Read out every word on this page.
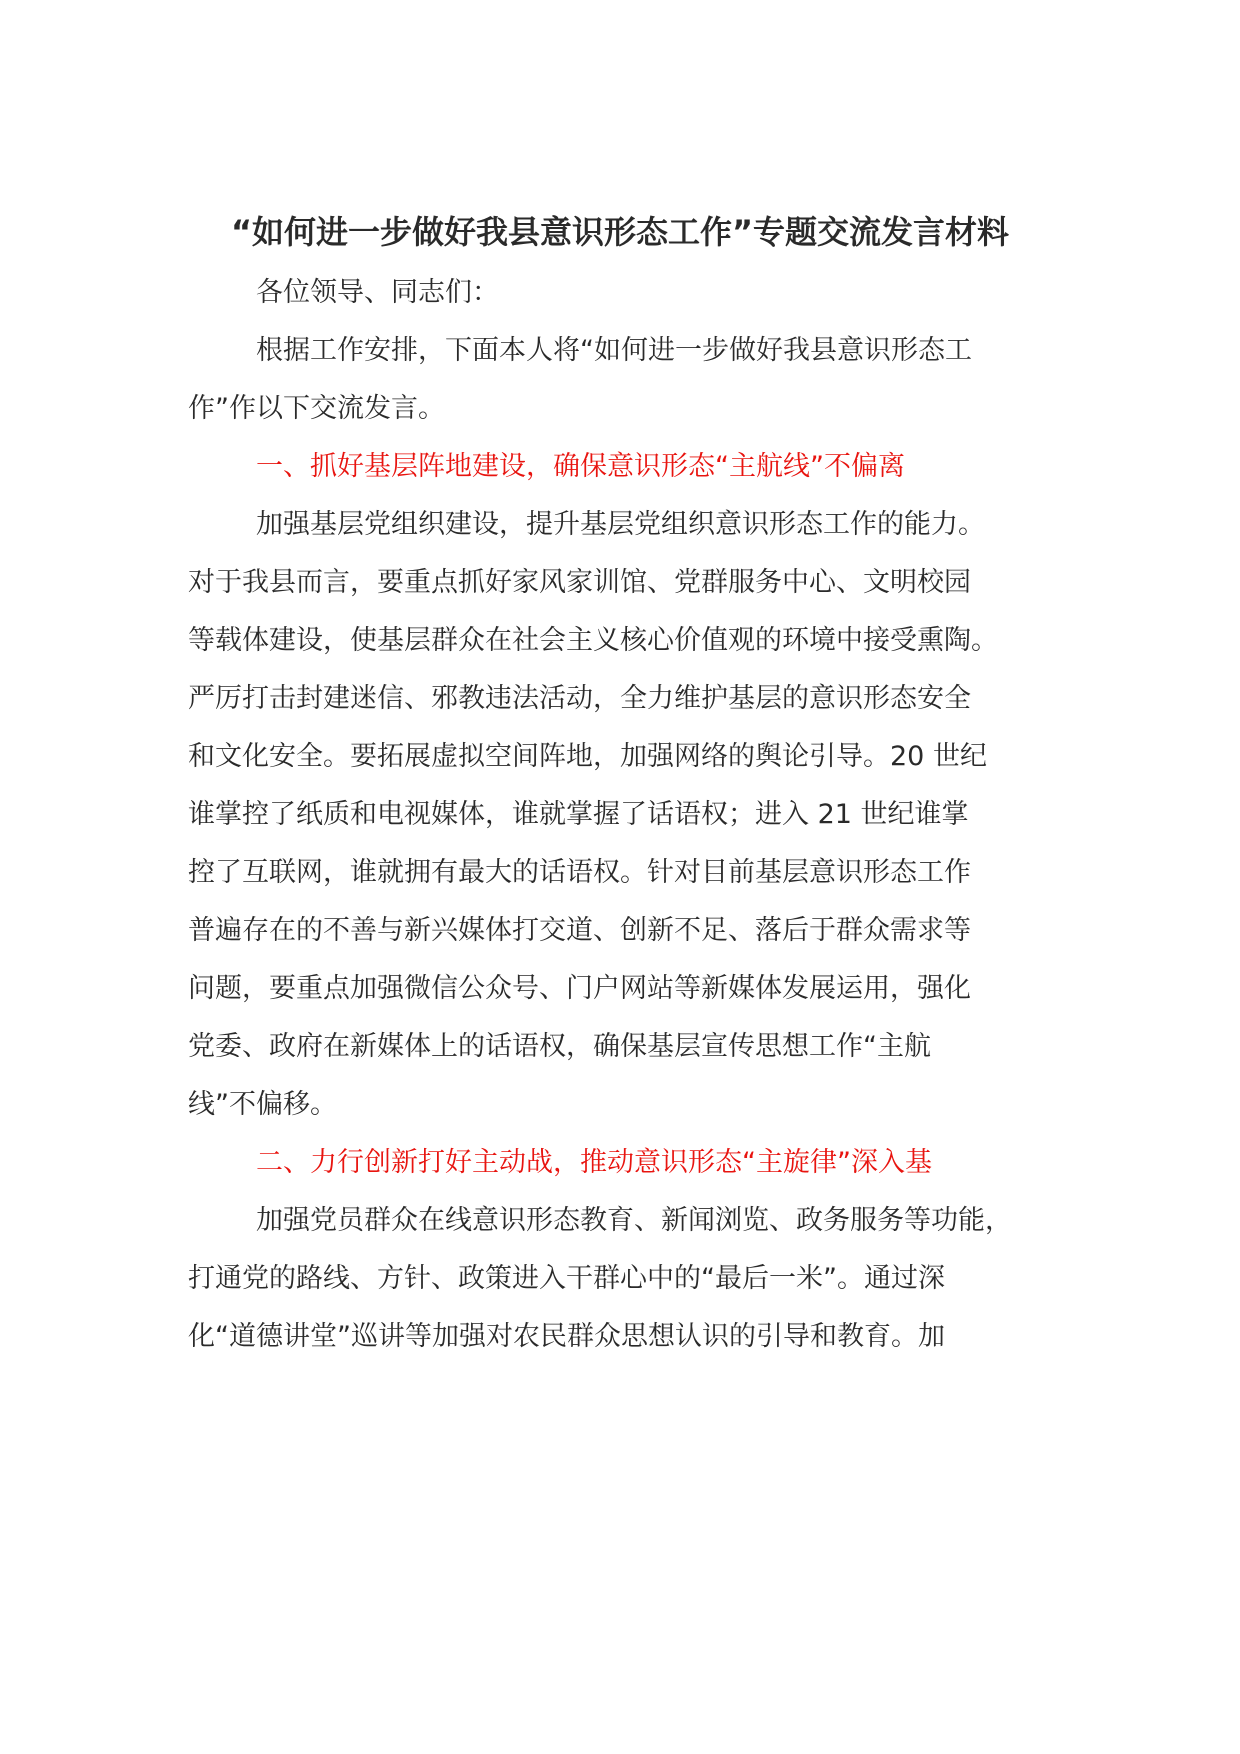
“如何进一步做好我县意识形态工作”专题交流发言材料
各位领导、同志们：
根据工作安排，下面本人将“如何进一步做好我县意识形态工
作”作以下交流发言。
一、抓好基层阵地建设，确保意识形态“主航线”不偏离
加强基层党组织建设，提升基层党组织意识形态工作的能力。
对于我县而言，要重点抓好家风家训馆、党群服务中心、文明校园
等载体建设，使基层群众在社会主义核心价值观的环境中接受熏陶。
严厉打击封建迷信、邪教违法活动，全力维护基层的意识形态安全
和文化安全。要拓展虚拟空间阵地，加强网络的舆论引导。20 世纪
谁掌控了纸质和电视媒体，谁就掌握了话语权；进入 21 世纪谁掌
控了互联网，谁就拥有最大的话语权。针对目前基层意识形态工作
普遍存在的不善与新兴媒体打交道、创新不足、落后于群众需求等
问题，要重点加强微信公众号、门户网站等新媒体发展运用，强化
党委、政府在新媒体上的话语权，确保基层宣传思想工作“主航
线”不偏移。
二、力行创新打好主动战，推动意识形态“主旋律”深入基
加强党员群众在线意识形态教育、新闻浏览、政务服务等功能，
打通党的路线、方针、政策进入干群心中的“最后一米”。通过深
化“道德讲堂”巡讲等加强对农民群众思想认识的引导和教育。加
